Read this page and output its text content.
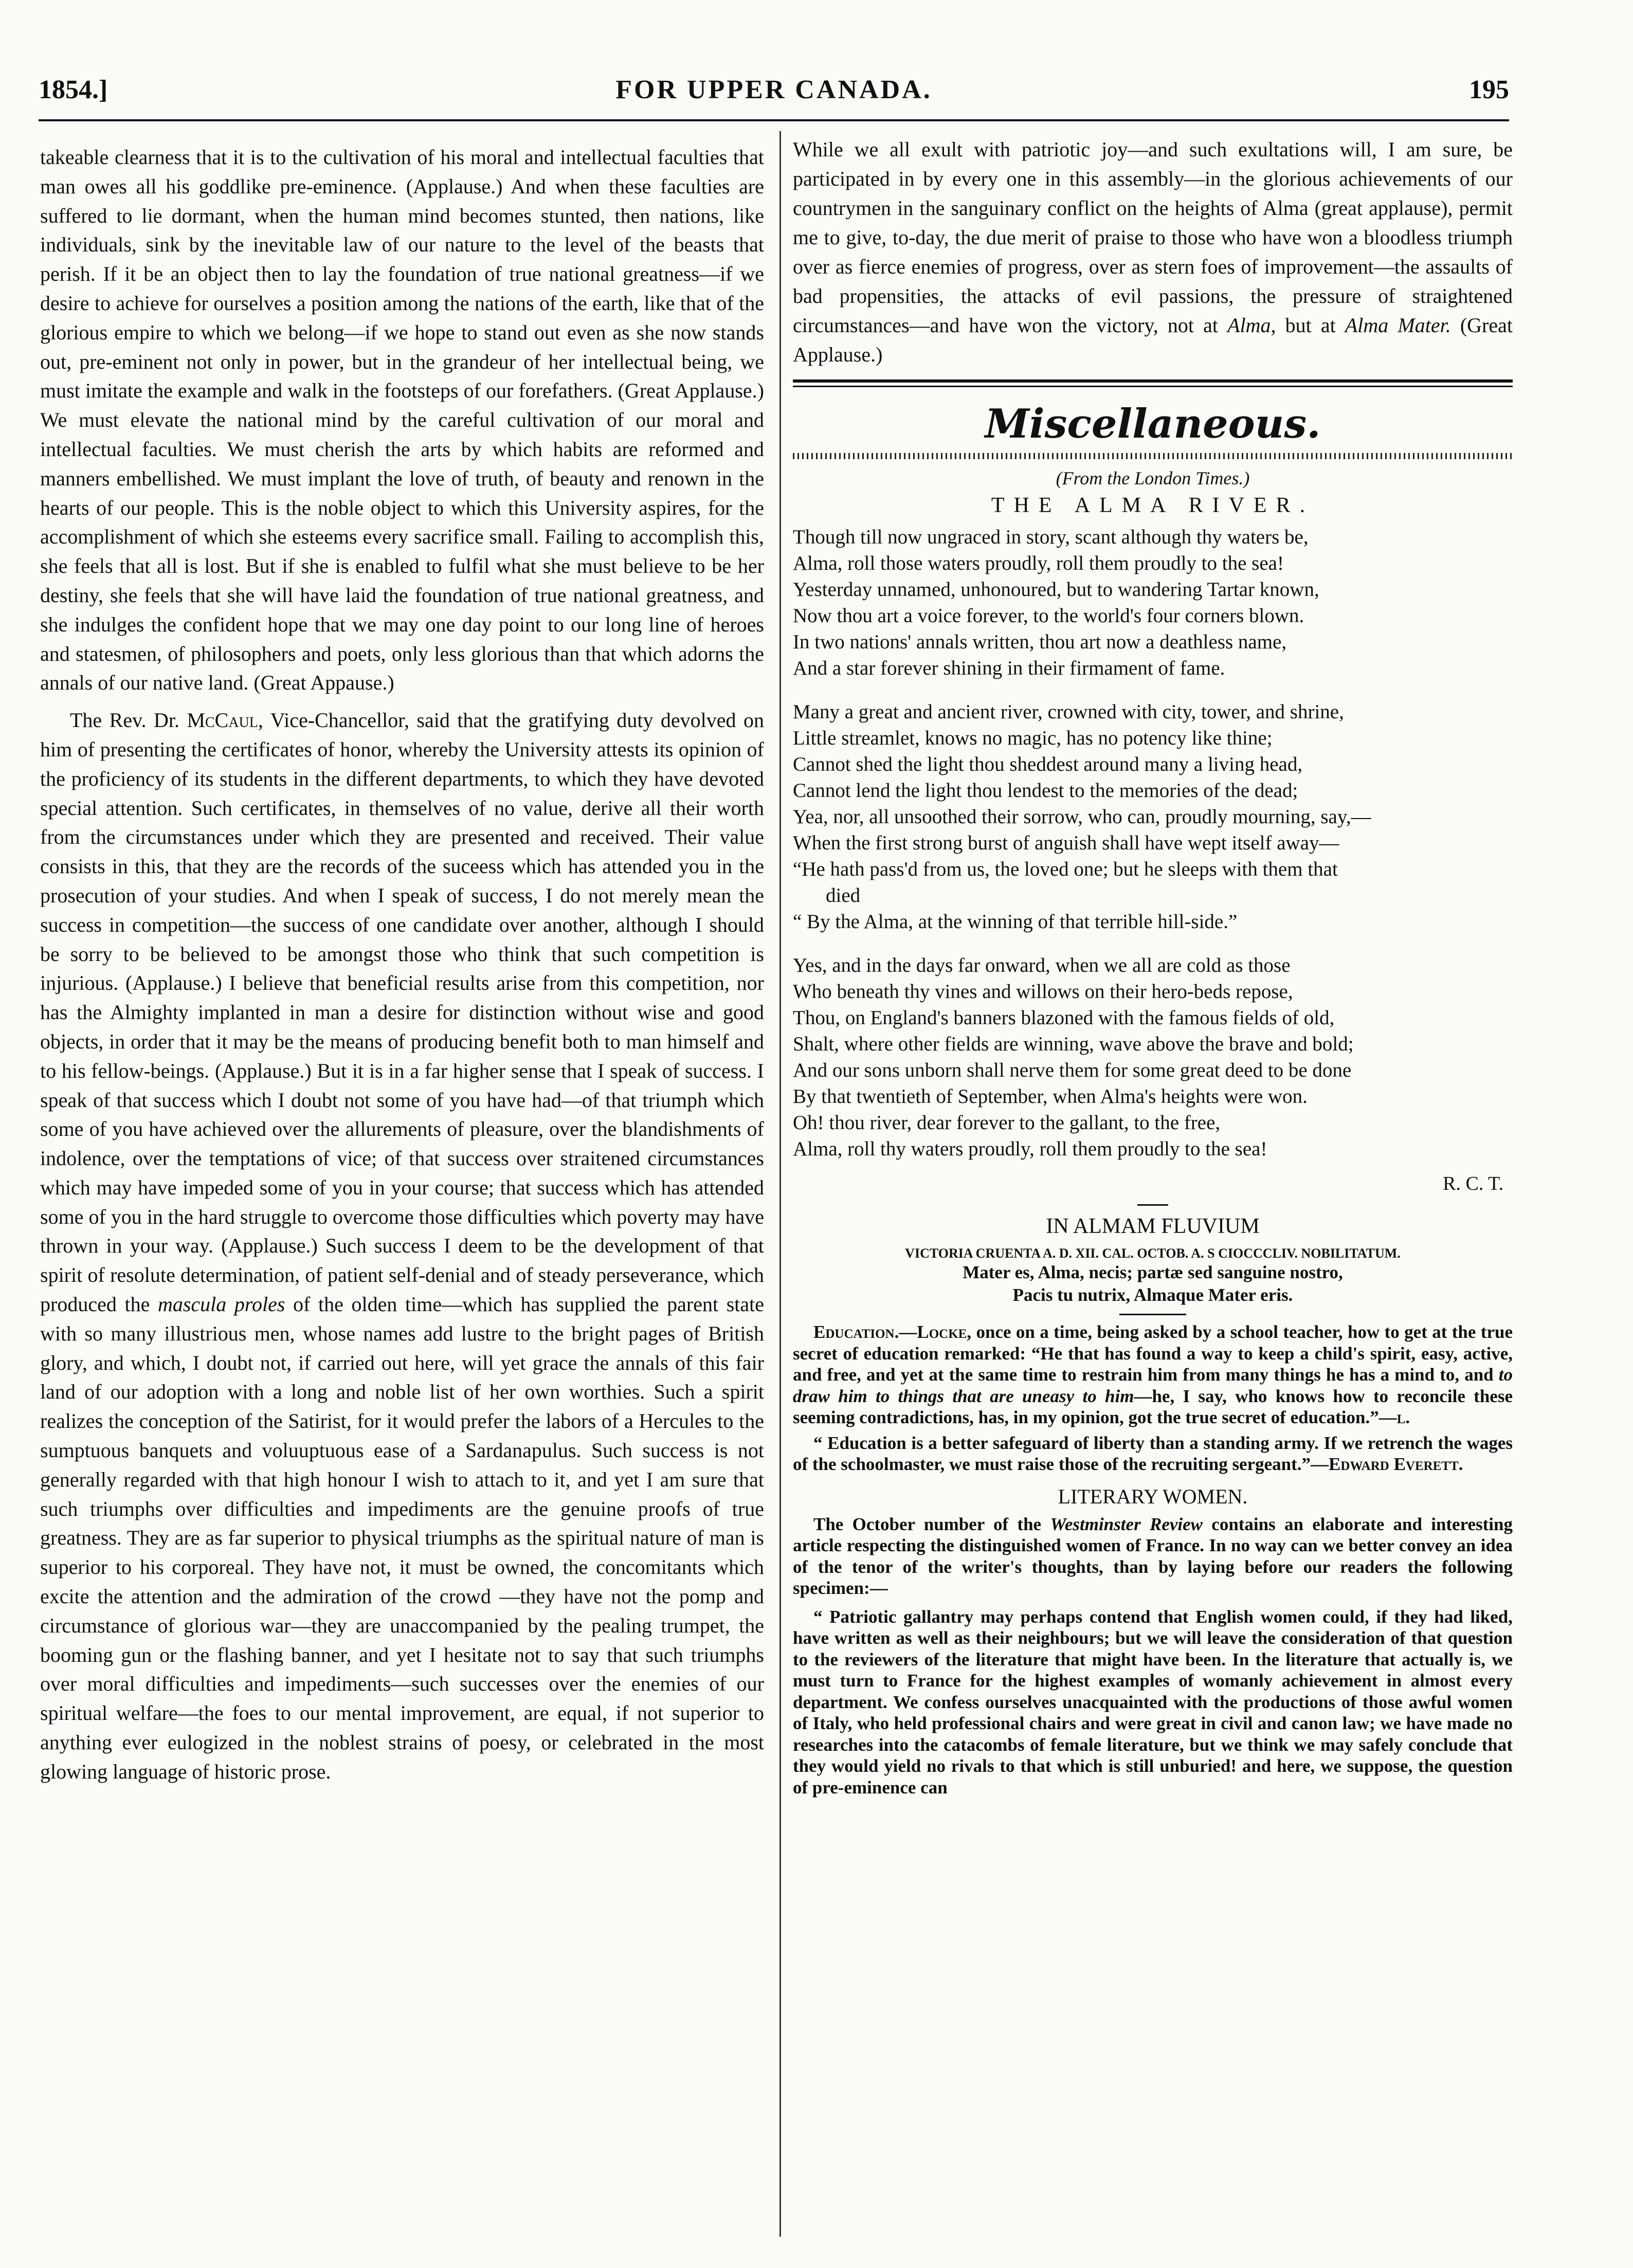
1854.]	FOR UPPER CANADA.	195

takeable clearness that it is to the cultivation of his moral and intellectual faculties that man owes all his goddlike pre-eminence. (Applause.) And when these faculties are suffered to lie dormant, when the human mind becomes stunted, then nations, like individuals, sink by the inevitable law of our nature to the level of the beasts that perish. If it be an object then to lay the foundation of true national greatness—if we desire to achieve for ourselves a position among the nations of the earth, like that of the glorious empire to which we belong—if we hope to stand out even as she now stands out, pre-eminent not only in power, but in the grandeur of her intellectual being, we must imitate the example and walk in the footsteps of our forefathers. (Great Applause.) We must elevate the national mind by the careful cultivation of our moral and intellectual faculties. We must cherish the arts by which habits are reformed and manners embellished. We must implant the love of truth, of beauty and renown in the hearts of our people. This is the noble object to which this University aspires, for the accomplishment of which she esteems every sacrifice small. Failing to accomplish this, she feels that all is lost. But if she is enabled to fulfil what she must believe to be her destiny, she feels that she will have laid the foundation of true national greatness, and she indulges the confident hope that we may one day point to our long line of heroes and statesmen, of philosophers and poets, only less glorious than that which adorns the annals of our native land. (Great Appause.)

The Rev. Dr. McCaul, Vice-Chancellor, said that the gratifying duty devolved on him of presenting the certificates of honor, whereby the University attests its opinion of the proficiency of its students in the different departments, to which they have devoted special attention. Such certificates, in themselves of no value, derive all their worth from the circumstances under which they are presented and received. Their value consists in this, that they are the records of the suceess which has attended you in the prosecution of your studies. And when I speak of success, I do not merely mean the success in competition—the success of one candidate over another, although I should be sorry to be believed to be amongst those who think that such competition is injurious. (Applause.) I believe that beneficial results arise from this competition, nor has the Almighty implanted in man a desire for distinction without wise and good objects, in order that it may be the means of producing benefit both to man himself and to his fellow-beings. (Applause.) But it is in a far higher sense that I speak of success. I speak of that success which I doubt not some of you have had—of that triumph which some of you have achieved over the allurements of pleasure, over the blandishments of indolence, over the temptations of vice; of that success over straitened circumstances which may have impeded some of you in your course; that success which has attended some of you in the hard struggle to overcome those difficulties which poverty may have thrown in your way. (Applause.) Such success I deem to be the development of that spirit of resolute determination, of patient self-denial and of steady perseverance, which produced the mascula proles of the olden time—which has supplied the parent state with so many illustrious men, whose names add lustre to the bright pages of British glory, and which, I doubt not, if carried out here, will yet grace the annals of this fair land of our adoption with a long and noble list of her own worthies. Such a spirit realizes the conception of the Satirist, for it would prefer the labors of a Hercules to the sumptuous banquets and voluuptuous ease of a Sardanapulus. Such success is not generally regarded with that high honour I wish to attach to it, and yet I am sure that such triumphs over difficulties and impediments are the genuine proofs of true greatness. They are as far superior to physical triumphs as the spiritual nature of man is superior to his corporeal. They have not, it must be owned, the concomitants which excite the attention and the admiration of the crowd —they have not the pomp and circumstance of glorious war—they are unaccompanied by the pealing trumpet, the booming gun or the flashing banner, and yet I hesitate not to say that such triumphs over moral difficulties and impediments—such successes over the enemies of our spiritual welfare—the foes to our mental improvement, are equal, if not superior to anything ever eulogized in the noblest strains of poesy, or celebrated in the most glowing language of historic prose.

While we all exult with patriotic joy—and such exultations will, I am sure, be participated in by every one in this assembly—in the glorious achievements of our countrymen in the sanguinary conflict on the heights of Alma (great applause), permit me to give, to-day, the due merit of praise to those who have won a bloodless triumph over as fierce enemies of progress, over as stern foes of improvement—the assaults of bad propensities, the attacks of evil passions, the pressure of straightened circumstances—and have won the victory, not at Alma, but at Alma Mater. (Great Applause.)

Miscellaneous.
(From the London Times.)
THE ALMA RIVER.
Though till now ungraced in story, scant although thy waters be,
Alma, roll those waters proudly, roll them proudly to the sea!
Yesterday unnamed, unhonoured, but to wandering Tartar known,
Now thou art a voice forever, to the world's four corners blown.
In two nations' annals written, thou art now a deathless name,
And a star forever shining in their firmament of fame.
Many a great and ancient river, crowned with city, tower, and shrine,
Little streamlet, knows no magic, has no potency like thine;
Cannot shed the light thou sheddest around many a living head,
Cannot lend the light thou lendest to the memories of the dead;
Yea, nor, all unsoothed their sorrow, who can, proudly mourning, say,—
When the first strong burst of anguish shall have wept itself away—
“He hath pass'd from us, the loved one; but he sleeps with them that
died
“ By the Alma, at the winning of that terrible hill-side.”
Yes, and in the days far onward, when we all are cold as those
Who beneath thy vines and willows on their hero-beds repose,
Thou, on England's banners blazoned with the famous fields of old,
Shalt, where other fields are winning, wave above the brave and bold;
And our sons unborn shall nerve them for some great deed to be done
By that twentieth of September, when Alma's heights were won.
Oh! thou river, dear forever to the gallant, to the free,
Alma, roll thy waters proudly, roll them proudly to the sea!
R. C. T.
IN ALMAM FLUVIUM
VICTORIA CRUENTA A. D. XII. CAL. OCTOB. A. S CIOCCCLIV. NOBILITATUM.
Mater es, Alma, necis; partæ sed sanguine nostro,
Pacis tu nutrix, Almaque Mater eris.

Education.—Locke, once on a time, being asked by a school teacher, how to get at the true secret of education remarked: “He that has found a way to keep a child's spirit, easy, active, and free, and yet at the same time to restrain him from many things he has a mind to, and to draw him to things that are uneasy to him—he, I say, who knows how to reconcile these seeming contradictions, has, in my opinion, got the true secret of education.”—l.

“ Education is a better safeguard of liberty than a standing army. If we retrench the wages of the schoolmaster, we must raise those of the recruiting sergeant.”—Edward Everett.

LITERARY WOMEN.

The October number of the Westminster Review contains an elaborate and interesting article respecting the distinguished women of France. In no way can we better convey an idea of the tenor of the writer's thoughts, than by laying before our readers the following specimen:—

“ Patriotic gallantry may perhaps contend that English women could, if they had liked, have written as well as their neighbours; but we will leave the consideration of that question to the reviewers of the literature that might have been. In the literature that actually is, we must turn to France for the highest examples of womanly achievement in almost every department. We confess ourselves unacquainted with the productions of those awful women of Italy, who held professional chairs and were great in civil and canon law; we have made no researches into the catacombs of female literature, but we think we may safely conclude that they would yield no rivals to that which is still unburied! and here, we suppose, the question of pre-eminence can
